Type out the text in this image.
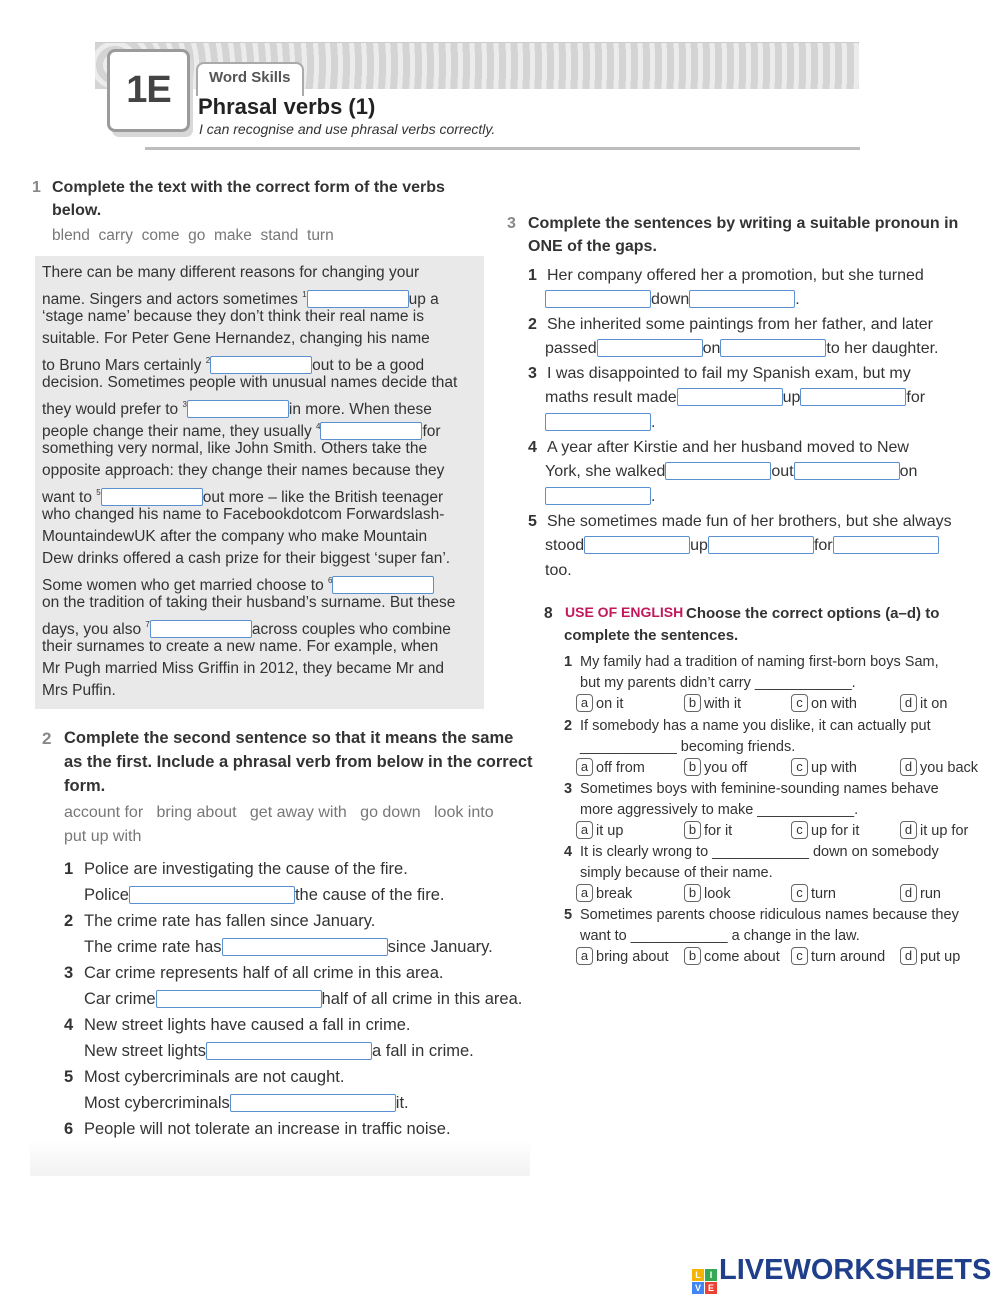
1E	Word Skills
Phrasal verbs (1)
I can recognise and use phrasal verbs correctly.
1 Complete the text with the correct form of the verbs
below.
blend  carry  come  go  make  stand  turn
There can be many different reasons for changing your
name. Singers and actors sometimes $^1$	up a
‘stage name’ because they don’t think their real name is
suitable. For Peter Gene Hernandez, changing his name
to Bruno Mars certainly $^2$	out to be a good
decision. Sometimes people with unusual names decide that
they would prefer to $^3$	in more. When these
people change their name, they usually $^4$	for
something very normal, like John Smith. Others take the
opposite approach: they change their names because they
want to $^5$	out more – like the British teenager
who changed his name to Facebookdotcom Forwardslash-
MountaindewUK after the company who make Mountain
Dew drinks offered a cash prize for their biggest ‘super fan’.
Some women who get married choose to $^6$
on the tradition of taking their husband’s surname. But these
days, you also $^7$	across couples who combine
their surnames to create a new name. For example, when
Mr Pugh married Miss Griffin in 2012, they became Mr and
Mrs Puffin.
2 Complete the second sentence so that it means the same
as the first. Include a phrasal verb from below in the correct
form.
account for   bring about   get away with   go down   look into
put up with
1 Police are investigating the cause of the fire.
Police	the cause of the fire.
2 The crime rate has fallen since January.
The crime rate has	since January.
3 Car crime represents half of all crime in this area.
Car crime	half of all crime in this area.
4 New street lights have caused a fall in crime.
New street lights	a fall in crime.
5 Most cybercriminals are not caught.
Most cybercriminals	it.
6 People will not tolerate an increase in traffic noise.
3 Complete the sentences by writing a suitable pronoun in
ONE of the gaps.
1 Her company offered her a promotion, but she turned
down	.
2 She inherited some paintings from her father, and later
passed	on	to her daughter.
3 I was disappointed to fail my Spanish exam, but my
maths result made	up	for
.
4 A year after Kirstie and her husband moved to New
York, she walked	out	on
.
5 She sometimes made fun of her brothers, but she always
stood	up	for
too.
8 USE OF ENGLISH Choose the correct options (a–d) to
complete the sentences.
1 My family had a tradition of naming first-born boys Sam,
but my parents didn’t carry ____________.
a on it	b with it	c on with	d it on
2 If somebody has a name you dislike, it can actually put
____________ becoming friends.
a off from	b you off	c up with	d you back
3 Sometimes boys with feminine-sounding names behave
more aggressively to make ____________.
a it up	b for it	c up for it	d it up for
4 It is clearly wrong to ____________ down on somebody
simply because of their name.
a break	b look	c turn	d run
5 Sometimes parents choose ridiculous names because they
want to ____________ a change in the law.
a bring about	b come about	c turn around	d put up
L I
V E
LIVEWORKSHEETS
